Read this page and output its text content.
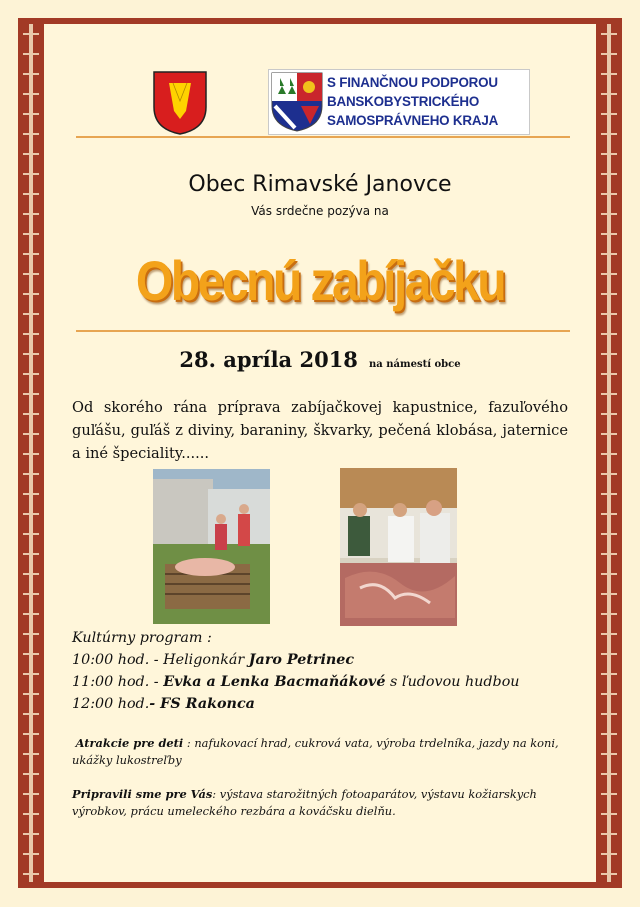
S FINANČNOU PODPOROU
BANSKOBYSTRICKÉHO
SAMOSPRÁVNEHO KRAJA
Obec Rimavské Janovce
Vás srdečne pozýva na
Obecnú zabíjačku
28. apríla 2018 na námestí obce
Od skorého rána príprava zabíjačkovej kapustnice, fazuľového guľášu, guľáš z diviny, baraniny, škvarky, pečená klobása, jaternice a iné špeciality......
Kultúrny program :
10:00 hod. - Heligonkár Jaro Petrinec
11:00 hod. - Evka a Lenka Bacmaňákové s ľudovou hudbou
12:00 hod.- FS Rakonca
Atrakcie pre deti : nafukovací hrad, cukrová vata, výroba trdelníka, jazdy na koni, ukážky lukostreľby
Pripravili sme pre Vás: výstava starožitných fotoaparátov, výstavu kožiarskych výrobkov, prácu umeleckého rezbára a kováčsku dielňu.
